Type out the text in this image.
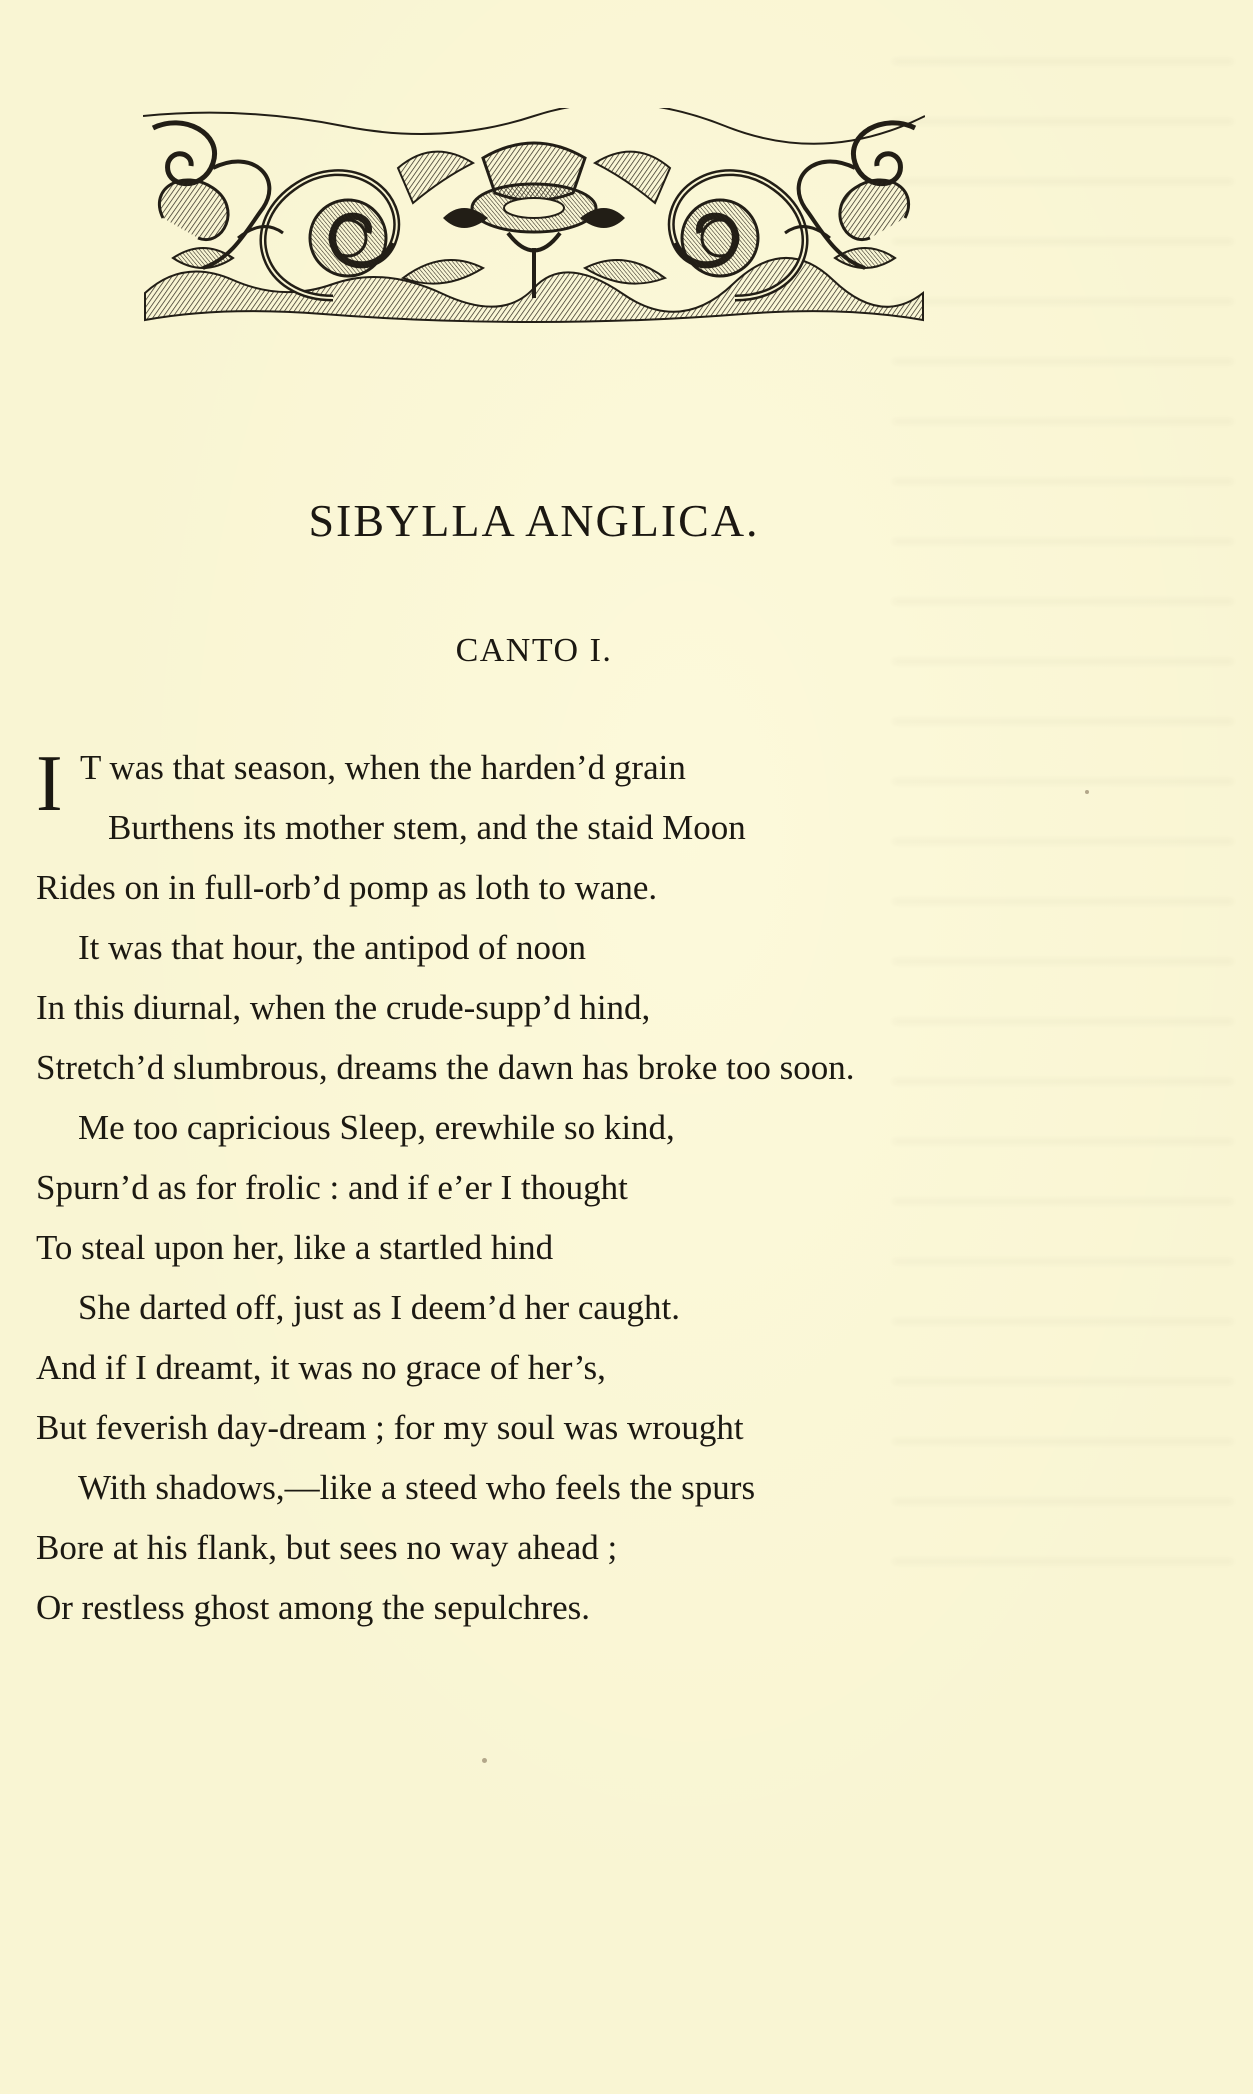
SIBYLLA ANGLICA.
CANTO I.
I T was that season, when the harden’d grain
Burthens its mother stem, and the staid Moon
Rides on in full-orb’d pomp as loth to wane.
It was that hour, the antipod of noon
In this diurnal, when the crude-supp’d hind,
Stretch’d slumbrous, dreams the dawn has broke too soon.
Me too capricious Sleep, erewhile so kind,
Spurn’d as for frolic : and if e’er I thought
To steal upon her, like a startled hind
She darted off, just as I deem’d her caught.
And if I dreamt, it was no grace of her’s,
But feverish day-dream ; for my soul was wrought
With shadows,—like a steed who feels the spurs
Bore at his flank, but sees no way ahead ;
Or restless ghost among the sepulchres.
